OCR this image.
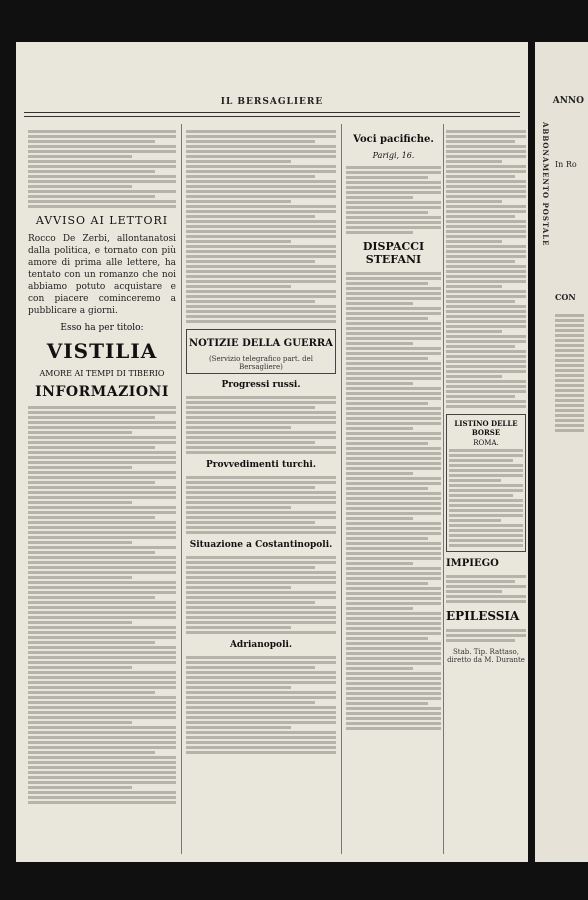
IL BERSAGLIERE
AVVISO AI LETTORI
Rocco De Zerbi, allontanatosi dalla politica, e tornato con più amore di prima alle lettere, ha tentato con un romanzo che noi abbiamo potuto acquistare e con piacere cominceremo a pubblicare a giorni.
Esso ha per titolo:
VISTILIA
AMORE AI TEMPI DI TIBERIO
INFORMAZIONI
NOTIZIE DELLA GUERRA
(Servizio telegrafico part. del Bersagliere)
Progressi russi.
Provvedimenti turchi.
Situazione a Costantinopoli.
Adrianopoli.
Voci pacifiche.
Parigi, 16.
DISPACCI STEFANI
LISTINO DELLE BORSE
ROMA.
IMPIEGO
EPILESSIA
Stab. Tip. Rattaso, diretto da M. Durante
ANNO
ABBONAMENTO POSTALE In Ro
CON
